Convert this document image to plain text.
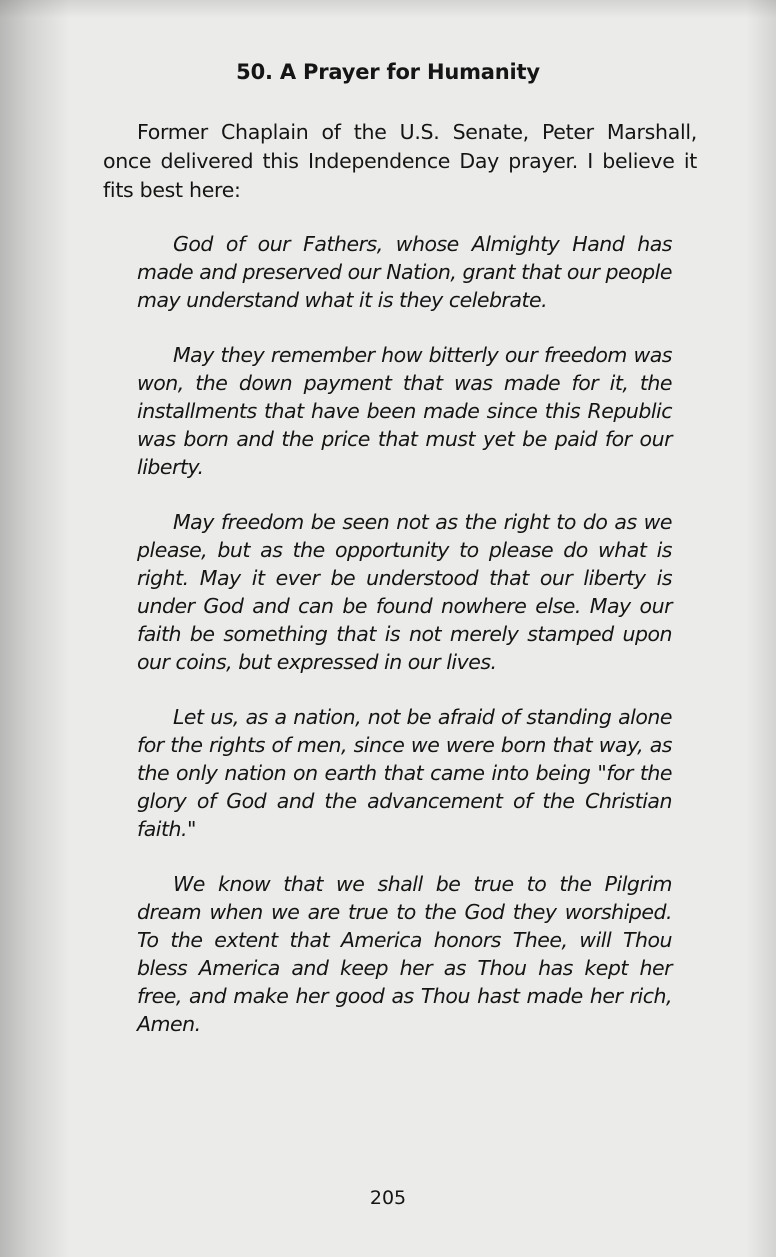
50. A Prayer for Humanity

Former Chaplain of the U.S. Senate, Peter Marshall, once delivered this Independence Day prayer. I believe it fits best here:

God of our Fathers, whose Almighty Hand has made and preserved our Nation, grant that our people may understand what it is they celebrate.

May they remember how bitterly our freedom was won, the down payment that was made for it, the installments that have been made since this Republic was born and the price that must yet be paid for our liberty.

May freedom be seen not as the right to do as we please, but as the opportunity to please do what is right. May it ever be understood that our liberty is under God and can be found nowhere else. May our faith be something that is not merely stamped upon our coins, but expressed in our lives.

Let us, as a nation, not be afraid of standing alone for the rights of men, since we were born that way, as the only nation on earth that came into being "for the glory of God and the advancement of the Christian faith."

We know that we shall be true to the Pilgrim dream when we are true to the God they worshiped. To the extent that America honors Thee, will Thou bless America and keep her as Thou has kept her free, and make her good as Thou hast made her rich, Amen.

205
